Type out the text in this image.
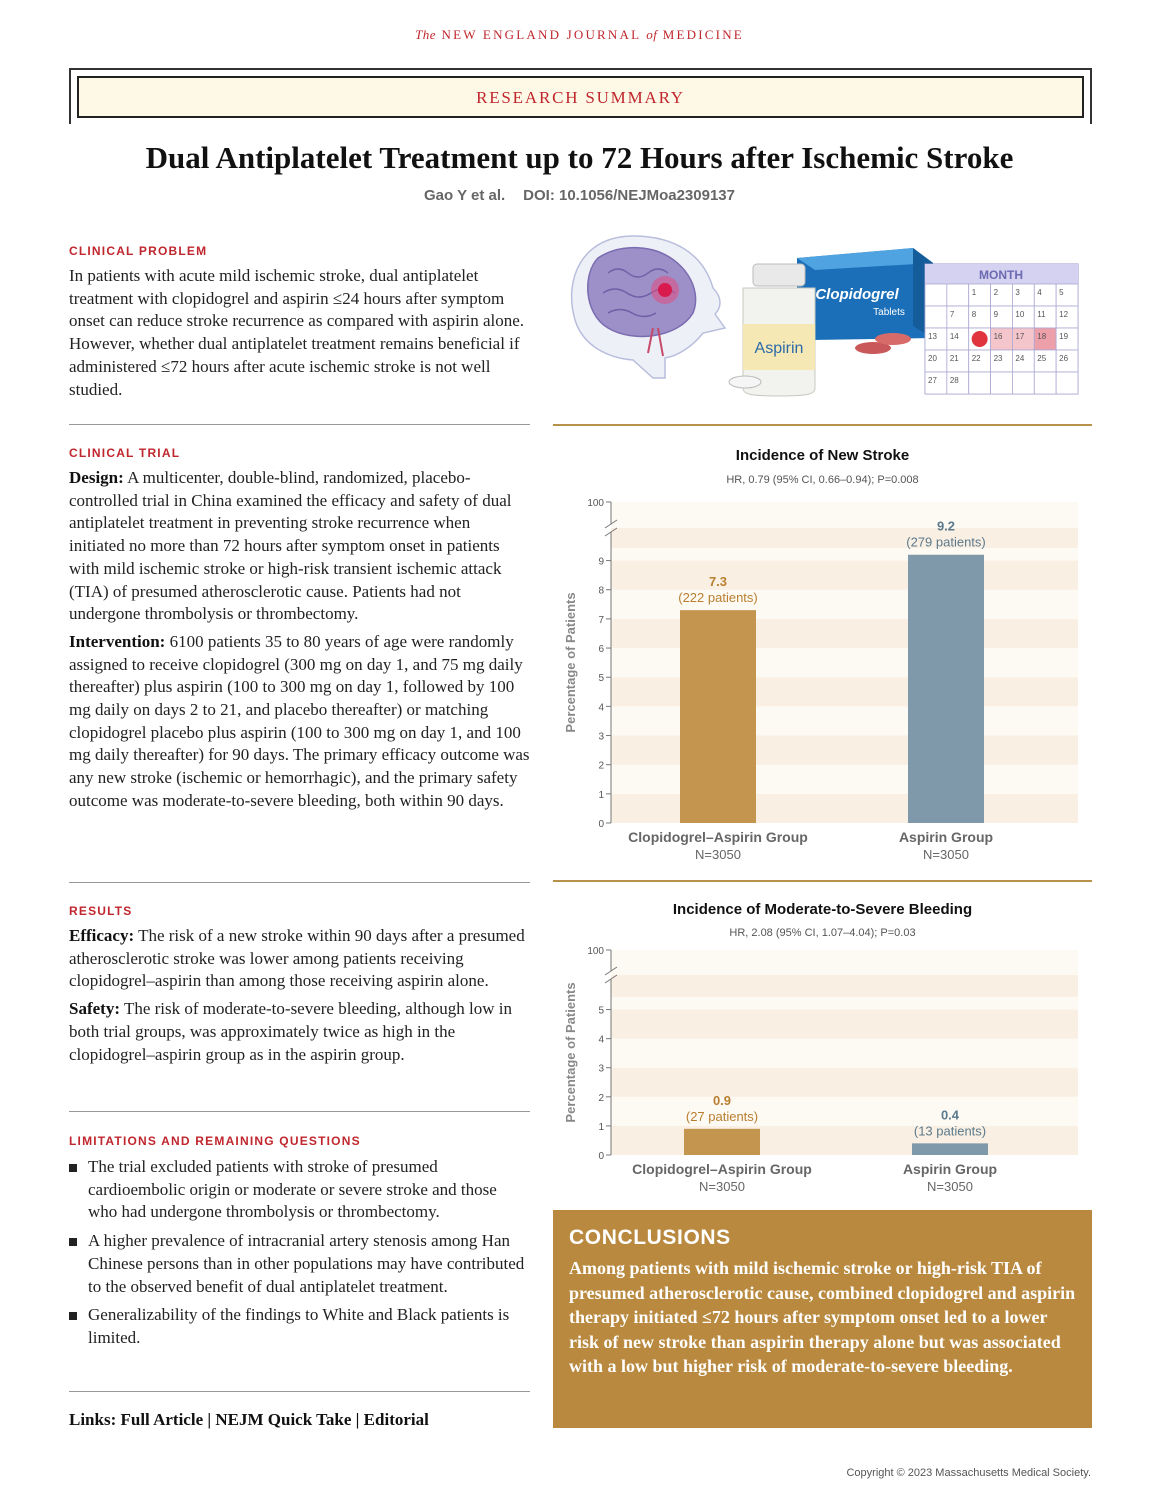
The NEW ENGLAND JOURNAL of MEDICINE
RESEARCH SUMMARY
Dual Antiplatelet Treatment up to 72 Hours after Ischemic Stroke
Gao Y et al. DOI: 10.1056/NEJMoa2309137
CLINICAL PROBLEM

In patients with acute mild ischemic stroke, dual antiplatelet treatment with clopidogrel and aspirin ≤24 hours after symptom onset can reduce stroke recurrence as compared with aspirin alone. However, whether dual antiplatelet treatment remains beneficial if administered ≤72 hours after acute ischemic stroke is not well studied.

CLINICAL TRIAL

Design: A multicenter, double-blind, randomized, placebo-controlled trial in China examined the efficacy and safety of dual antiplatelet treatment in preventing stroke recurrence when initiated no more than 72 hours after symptom onset in patients with mild ischemic stroke or high-risk transient ischemic attack (TIA) of presumed atherosclerotic cause. Patients had not undergone thrombolysis or thrombectomy.

Intervention: 6100 patients 35 to 80 years of age were randomly assigned to receive clopidogrel (300 mg on day 1, and 75 mg daily thereafter) plus aspirin (100 to 300 mg on day 1, followed by 100 mg daily on days 2 to 21, and placebo thereafter) or matching clopidogrel placebo plus aspirin (100 to 300 mg on day 1, and 100 mg daily thereafter) for 90 days. The primary efficacy outcome was any new stroke (ischemic or hemorrhagic), and the primary safety outcome was moderate-to-severe bleeding, both within 90 days.

RESULTS

Efficacy: The risk of a new stroke within 90 days after a presumed atherosclerotic stroke was lower among patients receiving clopidogrel–aspirin than among those receiving aspirin alone.

Safety: The risk of moderate-to-severe bleeding, although low in both trial groups, was approximately twice as high in the clopidogrel–aspirin group as in the aspirin group.

LIMITATIONS AND REMAINING QUESTIONS
The trial excluded patients with stroke of presumed cardioembolic origin or moderate or severe stroke and those who had undergone thrombolysis or thrombectomy.
A higher prevalence of intracranial artery stenosis among Han Chinese persons than in other populations may have contributed to the observed benefit of dual antiplatelet treatment.
Generalizability of the findings to White and Black patients is limited.
Links: Full Article | NEJM Quick Take | Editorial
Clopidogrel
Tablets
Aspirin
MONTH
1 2 3 4 5
7 8 9 10 11 12
13 14	16 17 18 19
20 21 22 23 24 25 26
27 28
Incidence of New Stroke
HR, 0.79 (95% CI, 0.66–0.94); P=0.008
100
0
1
2
3
4
5
6
7
8
9
Percentage of Patients
7.3
(222 patients)
Clopidogrel–Aspirin Group
N=3050
9.2
(279 patients)
Aspirin Group
N=3050
Incidence of Moderate-to-Severe Bleeding
HR, 2.08 (95% CI, 1.07–4.04); P=0.03
100
0
1
2
3
4
5
Percentage of Patients	0.9
(27 patients)
Clopidogrel–Aspirin Group
N=3050
0.4
(13 patients)
Aspirin Group
N=3050
CONCLUSIONS

Among patients with mild ischemic stroke or high-risk TIA of presumed atherosclerotic cause, combined clopidogrel and aspirin therapy initiated ≤72 hours after symptom onset led to a lower risk of new stroke than aspirin therapy alone but was associated with a low but higher risk of moderate-to-severe bleeding.

Copyright © 2023 Massachusetts Medical Society.
